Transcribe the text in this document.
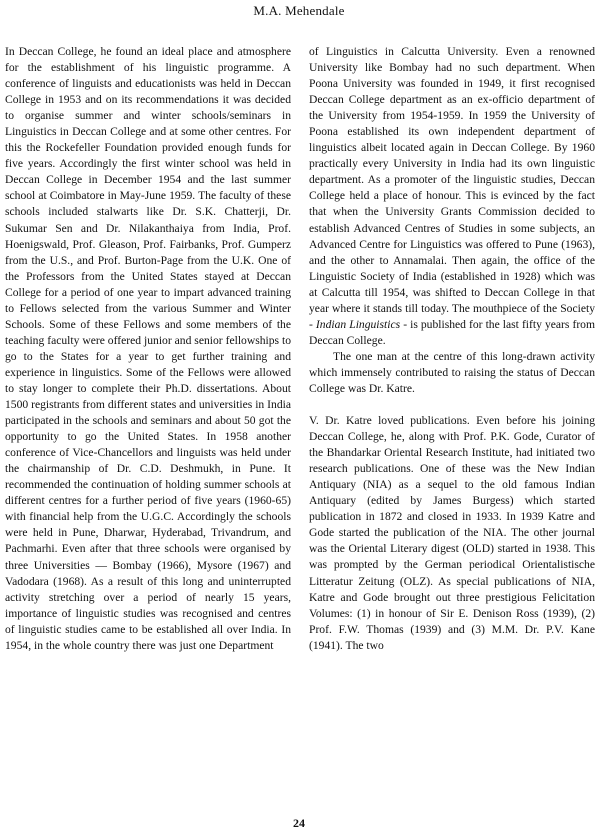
M.A. Mehendale

In Deccan College, he found an ideal place and atmosphere for the establishment of his linguistic programme. A conference of linguists and educationists was held in Deccan College in 1953 and on its recommendations it was decided to organise summer and winter schools/seminars in Linguistics in Deccan College and at some other centres. For this the Rockefeller Foundation provided enough funds for five years. Accordingly the first winter school was held in Deccan College in December 1954 and the last summer school at Coimbatore in May-June 1959. The faculty of these schools included stalwarts like Dr. S.K. Chatterji, Dr. Sukumar Sen and Dr. Nilakanthaiya from India, Prof. Hoenigswald, Prof. Gleason, Prof. Fairbanks, Prof. Gumperz from the U.S., and Prof. Burton-Page from the U.K. One of the Professors from the United States stayed at Deccan College for a period of one year to impart advanced training to Fellows selected from the various Summer and Winter Schools. Some of these Fellows and some members of the teaching faculty were offered junior and senior fellowships to go to the States for a year to get further training and experience in linguistics. Some of the Fellows were allowed to stay longer to complete their Ph.D. dissertations. About 1500 registrants from different states and universities in India participated in the schools and seminars and about 50 got the opportunity to go the United States. In 1958 another conference of Vice-Chancellors and linguists was held under the chairmanship of Dr. C.D. Deshmukh, in Pune. It recommended the continuation of holding summer schools at different centres for a further period of five years (1960-65) with financial help from the U.G.C. Accordingly the schools were held in Pune, Dharwar, Hyderabad, Trivandrum, and Pachmarhi. Even after that three schools were organised by three Universities — Bombay (1966), Mysore (1967) and Vadodara (1968). As a result of this long and uninterrupted activity stretching over a period of nearly 15 years, importance of linguistic studies was recognised and centres of linguistic studies came to be established all over India. In 1954, in the whole country there was just one Department

of Linguistics in Calcutta University. Even a renowned University like Bombay had no such department. When Poona University was founded in 1949, it first recognised Deccan College department as an ex-officio department of the University from 1954-1959. In 1959 the University of Poona established its own independent department of linguistics albeit located again in Deccan College. By 1960 practically every University in India had its own linguistic department. As a promoter of the linguistic studies, Deccan College held a place of honour. This is evinced by the fact that when the University Grants Commission decided to establish Advanced Centres of Studies in some subjects, an Advanced Centre for Linguistics was offered to Pune (1963), and the other to Annamalai. Then again, the office of the Linguistic Society of India (established in 1928) which was at Calcutta till 1954, was shifted to Deccan College in that year where it stands till today. The mouthpiece of the Society - Indian Linguistics - is published for the last fifty years from Deccan College.

The one man at the centre of this long-drawn activity which immensely contributed to raising the status of Deccan College was Dr. Katre.

V. Dr. Katre loved publications. Even before his joining Deccan College, he, along with Prof. P.K. Gode, Curator of the Bhandarkar Oriental Research Institute, had initiated two research publications. One of these was the New Indian Antiquary (NIA) as a sequel to the old famous Indian Antiquary (edited by James Burgess) which started publication in 1872 and closed in 1933. In 1939 Katre and Gode started the publication of the NIA. The other journal was the Oriental Literary digest (OLD) started in 1938. This was prompted by the German periodical Orientalistische Litteratur Zeitung (OLZ). As special publications of NIA, Katre and Gode brought out three prestigious Felicitation Volumes: (1) in honour of Sir E. Denison Ross (1939), (2) Prof. F.W. Thomas (1939) and (3) M.M. Dr. P.V. Kane (1941). The two

24
